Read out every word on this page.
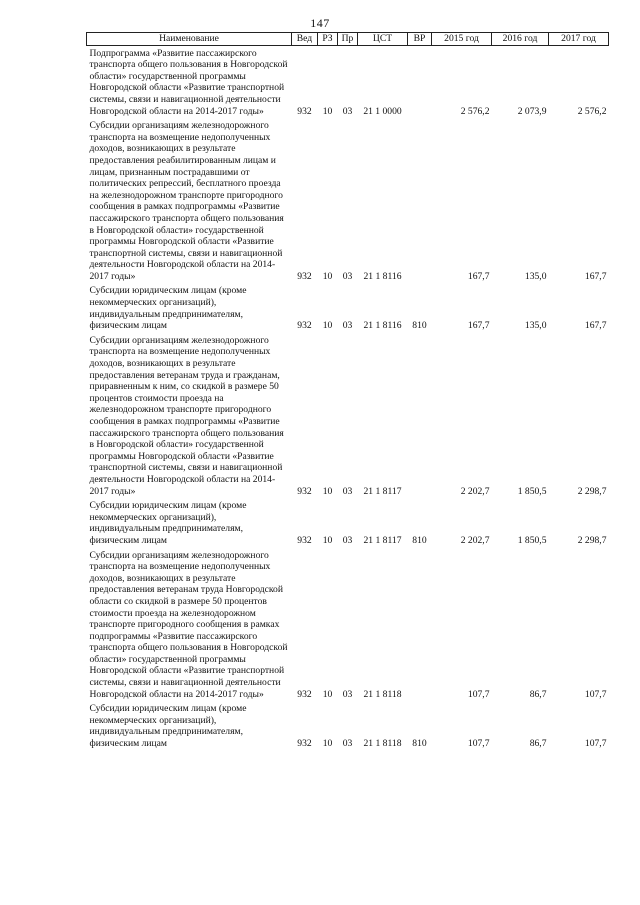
147
Наименование	Вед	РЗ	Пр	ЦСТ	ВР	2015 год	2016 год	2017 год
Подпрограмма «Развитие пассажирского транспорта общего пользования в Новгородской области» государственной программы Новгородской области «Развитие транспортной системы, связи и навигационной деятельности Новгородской области на 2014-2017 годы»	932	10	03	21 1 0000		2 576,2	2 073,9	2 576,2
Субсидии организациям железнодорожного транспорта на возмещение недополученных доходов, возникающих в результате предоставления реабилитированным лицам и лицам, признанным пострадавшими от политических репрессий, бесплатного проезда на железнодорожном транспорте пригородного сообщения в рамках подпрограммы «Развитие пассажирского транспорта общего пользования в Новгородской области» государственной программы Новгородской области «Развитие транспортной системы, связи и навигационной деятельности Новгородской области на 2014-2017 годы»	932	10	03	21 1 8116		167,7	135,0	167,7
Субсидии юридическим лицам (кроме некоммерческих организаций), индивидуальным предпринимателям, физическим лицам	932	10	03	21 1 8116	810	167,7	135,0	167,7
Субсидии организациям железнодорожного транспорта на возмещение недополученных доходов, возникающих в результате предоставления ветеранам труда и гражданам, приравненным к ним, со скидкой в размере 50 процентов стоимости проезда на железнодорожном транспорте пригородного сообщения в рамках подпрограммы «Развитие пассажирского транспорта общего пользования в Новгородской области» государственной программы Новгородской области «Развитие транспортной системы, связи и навигационной деятельности Новгородской области на 2014-2017 годы»	932	10	03	21 1 8117		2 202,7	1 850,5	2 298,7
Субсидии юридическим лицам (кроме некоммерческих организаций), индивидуальным предпринимателям, физическим лицам	932	10	03	21 1 8117	810	2 202,7	1 850,5	2 298,7
Субсидии организациям железнодорожного транспорта на возмещение недополученных доходов, возникающих в результате предоставления ветеранам труда Новгородской области со скидкой в размере 50 процентов стоимости проезда на железнодорожном транспорте пригородного сообщения в рамках подпрограммы «Развитие пассажирского транспорта общего пользования в Новгородской области» государственной программы Новгородской области «Развитие транспортной системы, связи и навигационной деятельности Новгородской области на 2014-2017 годы»	932	10	03	21 1 8118		107,7	86,7	107,7
Субсидии юридическим лицам (кроме некоммерческих организаций), индивидуальным предпринимателям, физическим лицам	932	10	03	21 1 8118	810	107,7	86,7	107,7
